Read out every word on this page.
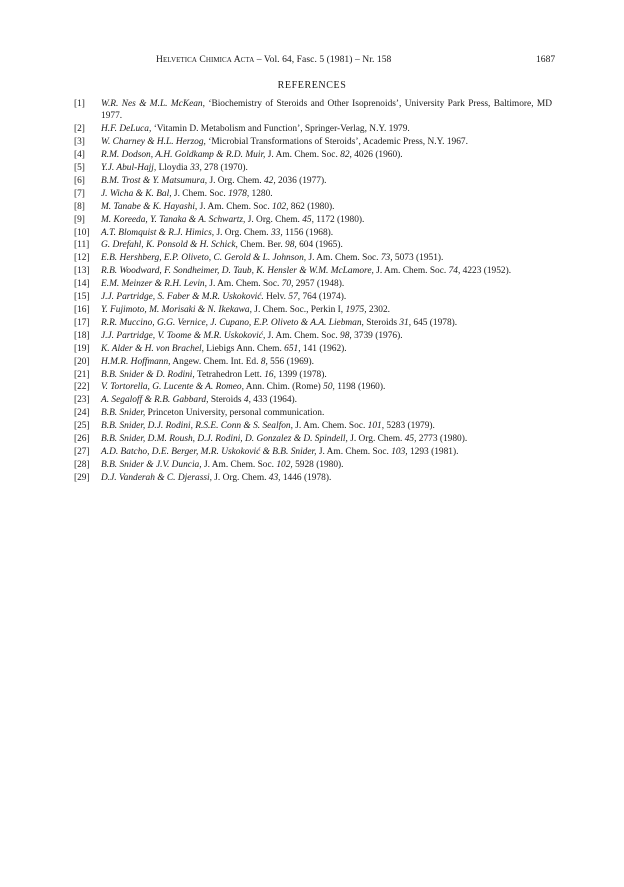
Helvetica Chimica Acta – Vol. 64, Fasc. 5 (1981) – Nr. 158	1687
REFERENCES
[1]	W.R. Nes & M.L. McKean, ‘Biochemistry of Steroids and Other Isoprenoids’, University Park Press, Baltimore, MD 1977.
[2]	H.F. DeLuca, ‘Vitamin D. Metabolism and Function’, Springer-Verlag, N.Y. 1979.
[3]	W. Charney & H.L. Herzog, ‘Microbial Transformations of Steroids’, Academic Press, N.Y. 1967.
[4]	R.M. Dodson, A.H. Goldkamp & R.D. Muir, J. Am. Chem. Soc. 82, 4026 (1960).
[5]	Y.J. Abul-Hajj, Lloydia 33, 278 (1970).
[6]	B.M. Trost & Y. Matsumura, J. Org. Chem. 42, 2036 (1977).
[7]	J. Wicha & K. Bal, J. Chem. Soc. 1978, 1280.
[8]	M. Tanabe & K. Hayashi, J. Am. Chem. Soc. 102, 862 (1980).
[9]	M. Koreeda, Y. Tanaka & A. Schwartz, J. Org. Chem. 45, 1172 (1980).
[10]	A.T. Blomquist & R.J. Himics, J. Org. Chem. 33, 1156 (1968).
[11]	G. Drefahl, K. Ponsold & H. Schick, Chem. Ber. 98, 604 (1965).
[12]	E.B. Hershberg, E.P. Oliveto, C. Gerold & L. Johnson, J. Am. Chem. Soc. 73, 5073 (1951).
[13]	R.B. Woodward, F. Sondheimer, D. Taub, K. Hensler & W.M. McLamore, J. Am. Chem. Soc. 74, 4223 (1952).
[14]	E.M. Meinzer & R.H. Levin, J. Am. Chem. Soc. 70, 2957 (1948).
[15]	J.J. Partridge, S. Faber & M.R. Uskoković. Helv. 57, 764 (1974).
[16]	Y. Fujimoto, M. Morisaki & N. Ikekawa, J. Chem. Soc., Perkin I, 1975, 2302.
[17]	R.R. Muccino, G.G. Vernice, J. Cupano, E.P. Oliveto & A.A. Liebman, Steroids 31, 645 (1978).
[18]	J.J. Partridge, V. Toome & M.R. Uskoković, J. Am. Chem. Soc. 98, 3739 (1976).
[19]	K. Alder & H. von Brachel, Liebigs Ann. Chem. 651, 141 (1962).
[20]	H.M.R. Hoffmann, Angew. Chem. Int. Ed. 8, 556 (1969).
[21]	B.B. Snider & D. Rodini, Tetrahedron Lett. 16, 1399 (1978).
[22]	V. Tortorella, G. Lucente & A. Romeo, Ann. Chim. (Rome) 50, 1198 (1960).
[23]	A. Segaloff & R.B. Gabbard, Steroids 4, 433 (1964).
[24]	B.B. Snider, Princeton University, personal communication.
[25]	B.B. Snider, D.J. Rodini, R.S.E. Conn & S. Sealfon, J. Am. Chem. Soc. 101, 5283 (1979).
[26]	B.B. Snider, D.M. Roush, D.J. Rodini, D. Gonzalez & D. Spindell, J. Org. Chem. 45, 2773 (1980).
[27]	A.D. Batcho, D.E. Berger, M.R. Uskoković & B.B. Snider, J. Am. Chem. Soc. 103, 1293 (1981).
[28]	B.B. Snider & J.V. Duncia, J. Am. Chem. Soc. 102, 5928 (1980).
[29]	D.J. Vanderah & C. Djerassi, J. Org. Chem. 43, 1446 (1978).
